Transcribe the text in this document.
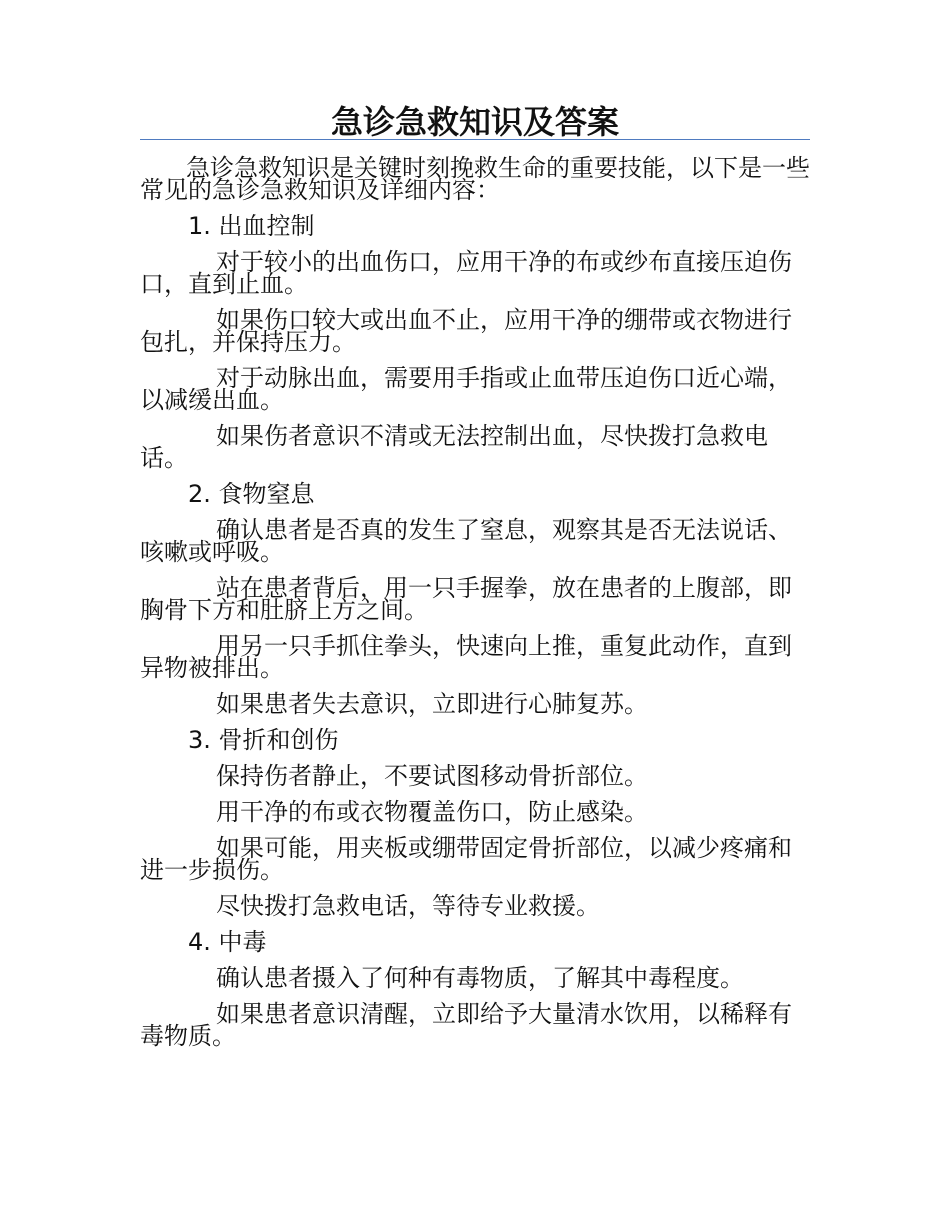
急诊急救知识及答案

急诊急救知识是关键时刻挽救生命的重要技能，以下是一些常见的急诊急救知识及详细内容：

1. 出血控制

对于较小的出血伤口，应用干净的布或纱布直接压迫伤口，直到止血。

如果伤口较大或出血不止，应用干净的绷带或衣物进行包扎，并保持压力。

对于动脉出血，需要用手指或止血带压迫伤口近心端，以减缓出血。

如果伤者意识不清或无法控制出血，尽快拨打急救电话。

2. 食物窒息

确认患者是否真的发生了窒息，观察其是否无法说话、咳嗽或呼吸。

站在患者背后，用一只手握拳，放在患者的上腹部，即胸骨下方和肚脐上方之间。

用另一只手抓住拳头，快速向上推，重复此动作，直到异物被排出。

如果患者失去意识，立即进行心肺复苏。

3. 骨折和创伤

保持伤者静止，不要试图移动骨折部位。

用干净的布或衣物覆盖伤口，防止感染。

如果可能，用夹板或绷带固定骨折部位，以减少疼痛和进一步损伤。

尽快拨打急救电话，等待专业救援。

4. 中毒

确认患者摄入了何种有毒物质，了解其中毒程度。

如果患者意识清醒，立即给予大量清水饮用，以稀释有毒物质。
